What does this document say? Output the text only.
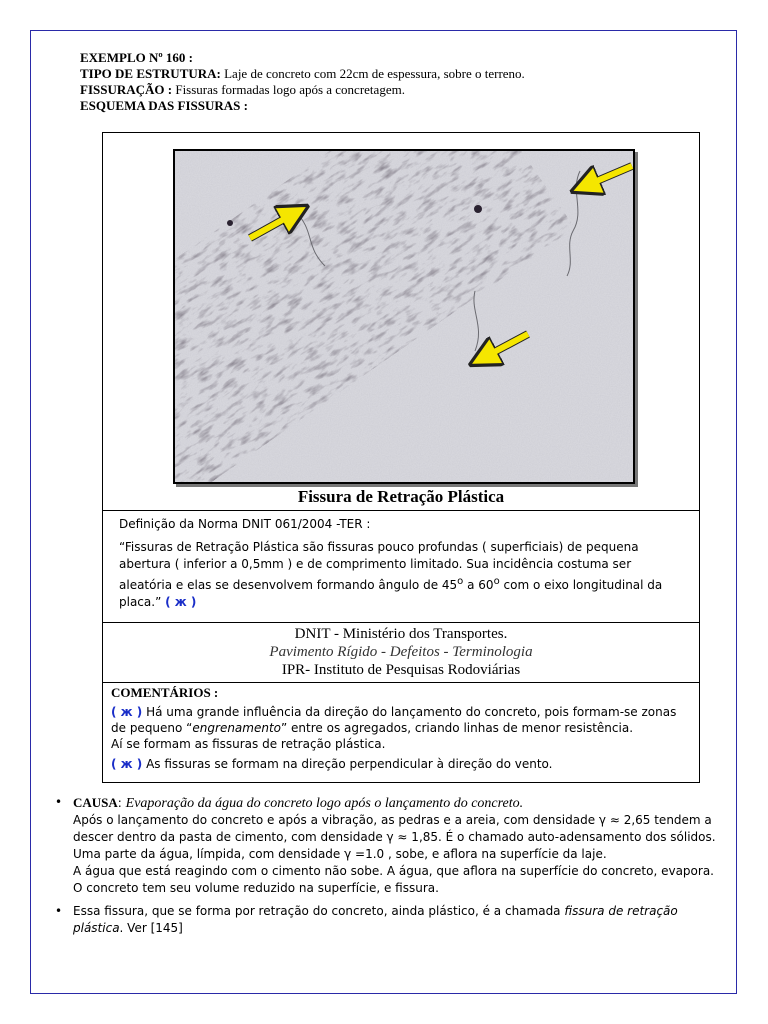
EXEMPLO Nº 160 :
TIPO DE ESTRUTURA: Laje de concreto com 22cm de espessura, sobre o terreno.
FISSURAÇÃO : Fissuras formadas logo após a concretagem.
ESQUEMA DAS FISSURAS :
Fissura de Retração Plástica

Definição da Norma DNIT 061/2004 -TER :

“Fissuras de Retração Plástica são fissuras pouco profundas ( superficiais) de pequena abertura ( inferior a 0,5mm ) e de comprimento limitado. Sua incidência costuma ser aleatória e elas se desenvolvem formando ângulo de 45$^o$ a 60$^o$ com o eixo longitudinal da placa.” ( ж )

DNIT - Ministério dos Transportes.
Pavimento Rígido - Defeitos - Terminologia
IPR- Instituto de Pesquisas Rodoviárias
COMENTÁRIOS :

( ж ) Há uma grande influência da direção do lançamento do concreto, pois formam-se zonas de pequeno “engrenamento” entre os agregados, criando linhas de menor resistência.
Aí se formam as fissuras de retração plástica.

( ж ) As fissuras se formam na direção perpendicular à direção do vento.

• CAUSA: Evaporação da água do concreto logo após o lançamento do concreto.
Após o lançamento do concreto e após a vibração, as pedras e a areia, com densidade γ ≈ 2,65 tendem a descer dentro da pasta de cimento, com densidade γ ≈ 1,85. É o chamado auto-adensamento dos sólidos. Uma parte da água, límpida, com densidade γ =1.0 , sobe, e aflora na superfície da laje.
A água que está reagindo com o cimento não sobe. A água, que aflora na superfície do concreto, evapora. O concreto tem seu volume reduzido na superfície, e fissura.
• Essa fissura, que se forma por retração do concreto, ainda plástico, é a chamada fissura de retração plástica. Ver [145]
